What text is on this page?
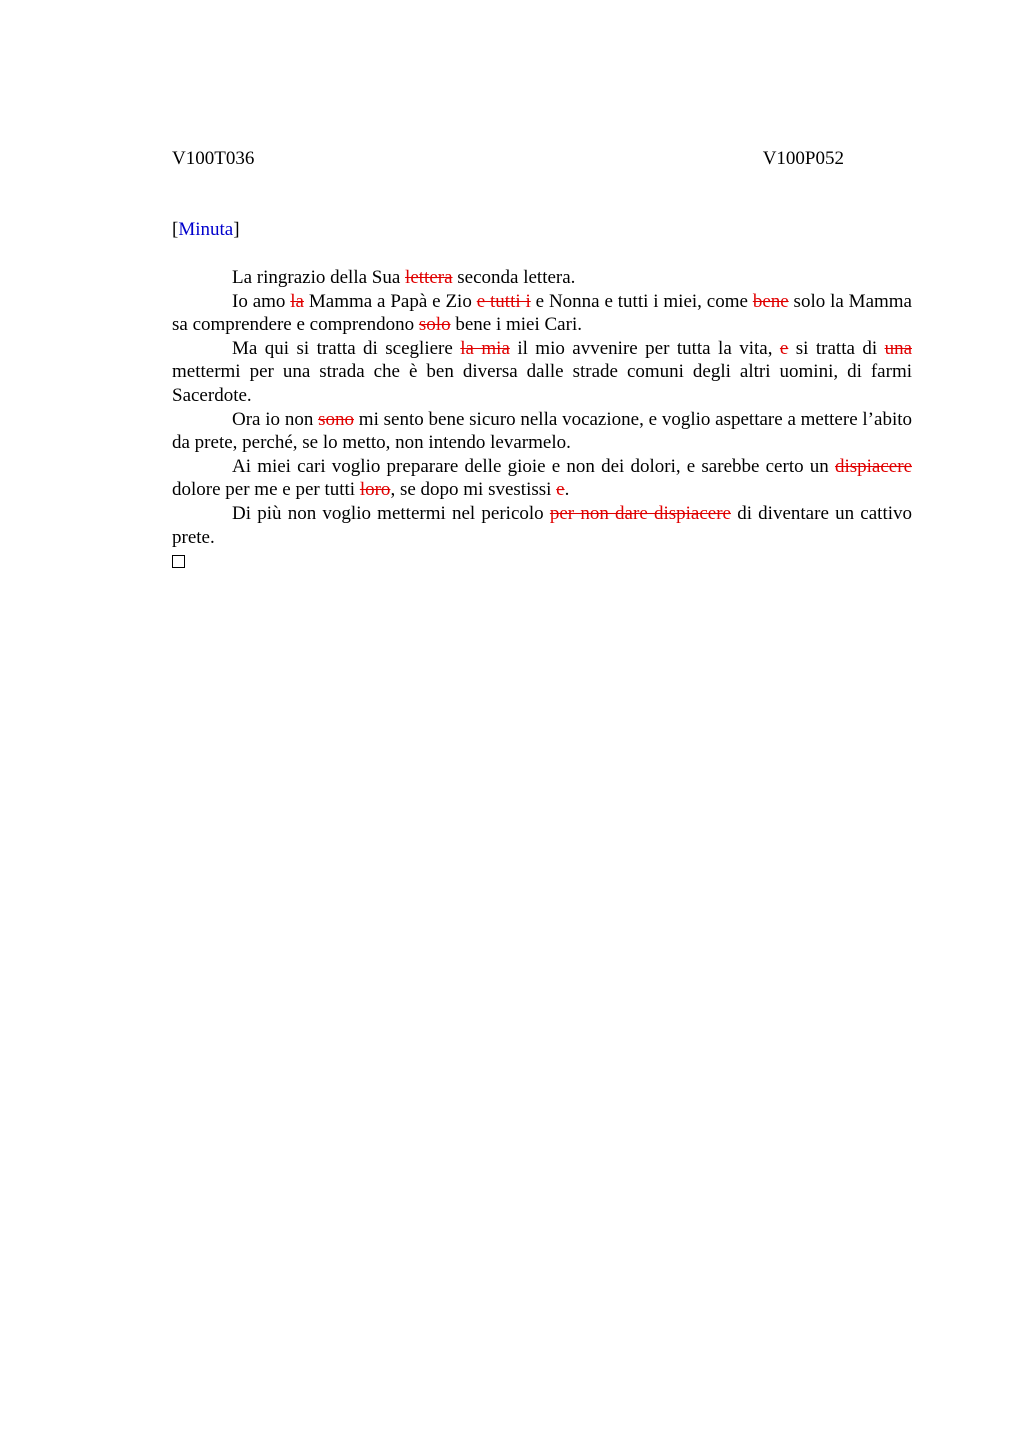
V100T036	V100P052
[Minuta]

La ringrazio della Sua lettera seconda lettera.

Io amo la Mamma a Papà e Zio e tutti i e Nonna e tutti i miei, come bene solo la Mamma sa comprendere e comprendono solo bene i miei Cari.

Ma qui si tratta di scegliere la mia il mio avvenire per tutta la vita, e si tratta di una mettermi per una strada che è ben diversa dalle strade comuni degli altri uomini, di farmi Sacerdote.

Ora io non sono mi sento bene sicuro nella vocazione, e voglio aspettare a mettere l’abito da prete, perché, se lo metto, non intendo levarmelo.

Ai miei cari voglio preparare delle gioie e non dei dolori, e sarebbe certo un dispiacere dolore per me e per tutti loro, se dopo mi svestissi e.

Di più non voglio mettermi nel pericolo per non dare dispiacere di diventare un cattivo prete.
